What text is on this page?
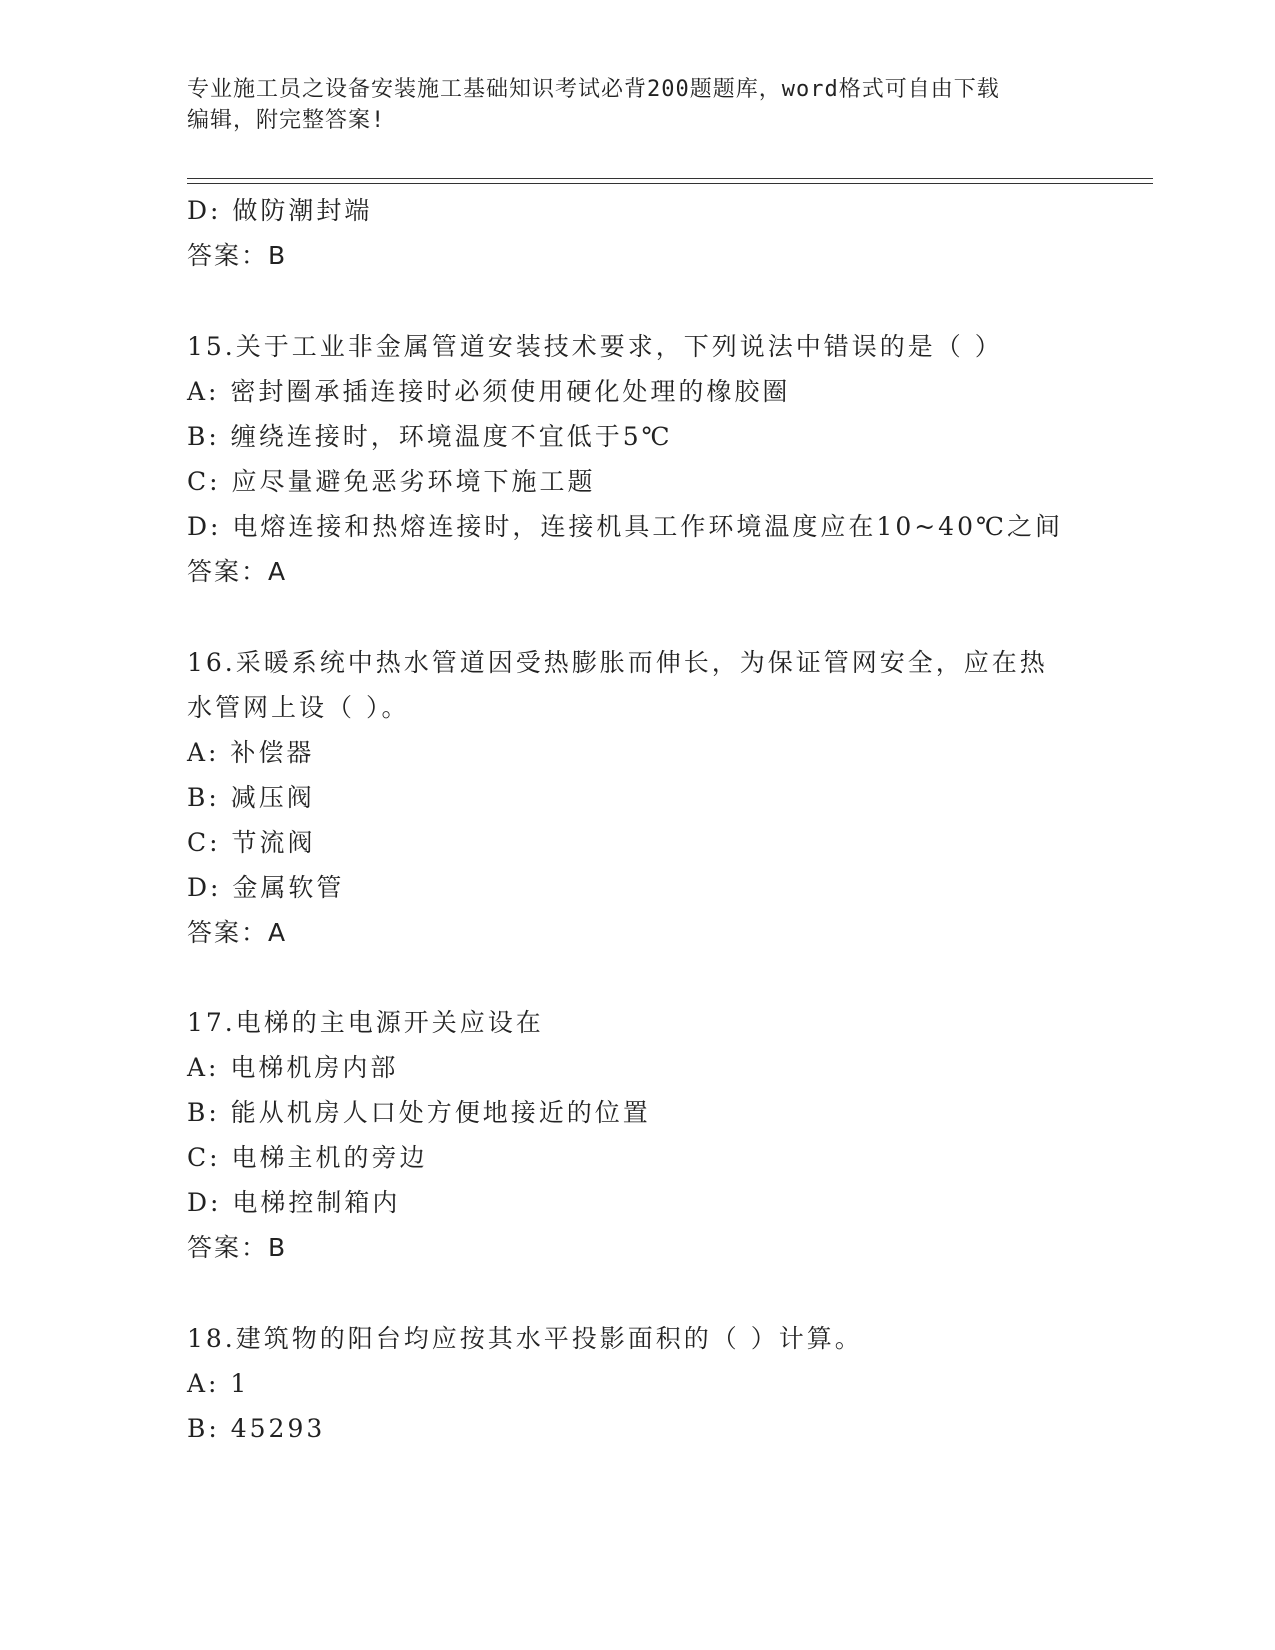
专业施工员之设备安装施工基础知识考试必背200题题库，word格式可自由下载
编辑，附完整答案!
D: 做防潮封端
答案：B
15.关于工业非金属管道安装技术要求，下列说法中错误的是（ ）
A: 密封圈承插连接时必须使用硬化处理的橡胶圈
B: 缠绕连接时，环境温度不宜低于5℃
C: 应尽量避免恶劣环境下施工题
D: 电熔连接和热熔连接时，连接机具工作环境温度应在10~40℃之间
答案：A
16.采暖系统中热水管道因受热膨胀而伸长，为保证管网安全，应在热
水管网上设（ ）。
A: 补偿器
B: 减压阀
C: 节流阀
D: 金属软管
答案：A
17.电梯的主电源开关应设在
A: 电梯机房内部
B: 能从机房人口处方便地接近的位置
C: 电梯主机的旁边
D: 电梯控制箱内
答案：B
18.建筑物的阳台均应按其水平投影面积的（ ）计算。
A: 1
B: 45293
